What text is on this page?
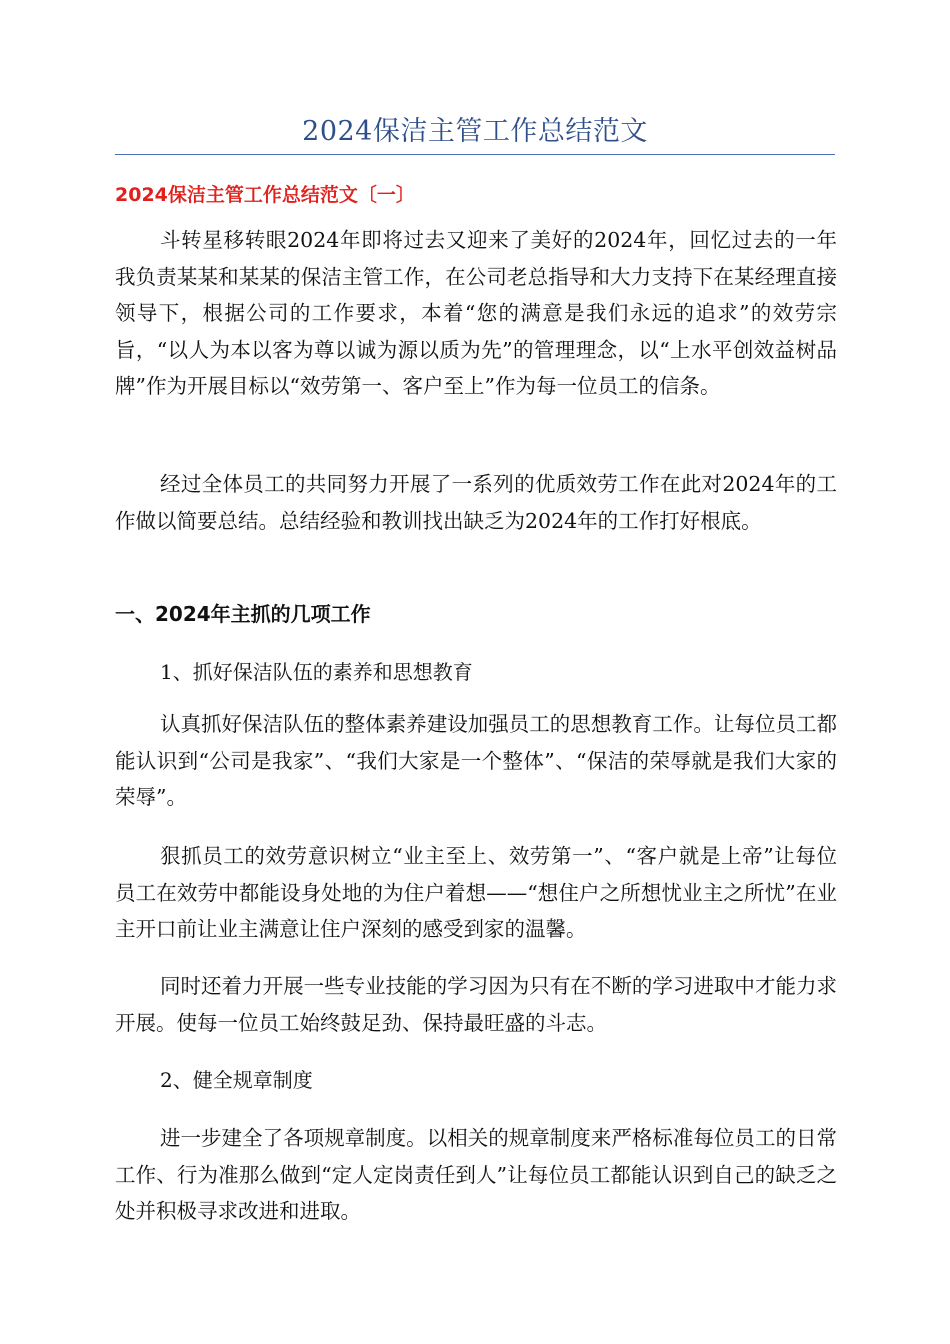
2024保洁主管工作总结范文
2024保洁主管工作总结范文〔一〕

斗转星移转眼2024年即将过去又迎来了美好的2024年，回忆过去的一年我负责某某和某某的保洁主管工作，在公司老总指导和大力支持下在某经理直接领导下，根据公司的工作要求，本着“您的满意是我们永远的追求”的效劳宗旨，“以人为本以客为尊以诚为源以质为先”的管理理念，以“上水平创效益树品牌”作为开展目标以“效劳第一、客户至上”作为每一位员工的信条。

经过全体员工的共同努力开展了一系列的优质效劳工作在此对2024年的工作做以简要总结。总结经验和教训找出缺乏为2024年的工作打好根底。

一、2024年主抓的几项工作
1、抓好保洁队伍的素养和思想教育

认真抓好保洁队伍的整体素养建设加强员工的思想教育工作。让每位员工都能认识到“公司是我家”、“我们大家是一个整体”、“保洁的荣辱就是我们大家的荣辱”。

狠抓员工的效劳意识树立“业主至上、效劳第一”、“客户就是上帝”让每位员工在效劳中都能设身处地的为住户着想——“想住户之所想忧业主之所忧”在业主开口前让业主满意让住户深刻的感受到家的温馨。

同时还着力开展一些专业技能的学习因为只有在不断的学习进取中才能力求开展。使每一位员工始终鼓足劲、保持最旺盛的斗志。

2、健全规章制度

进一步建全了各项规章制度。以相关的规章制度来严格标准每位员工的日常工作、行为准那么做到“定人定岗责任到人”让每位员工都能认识到自己的缺乏之处并积极寻求改进和进取。
